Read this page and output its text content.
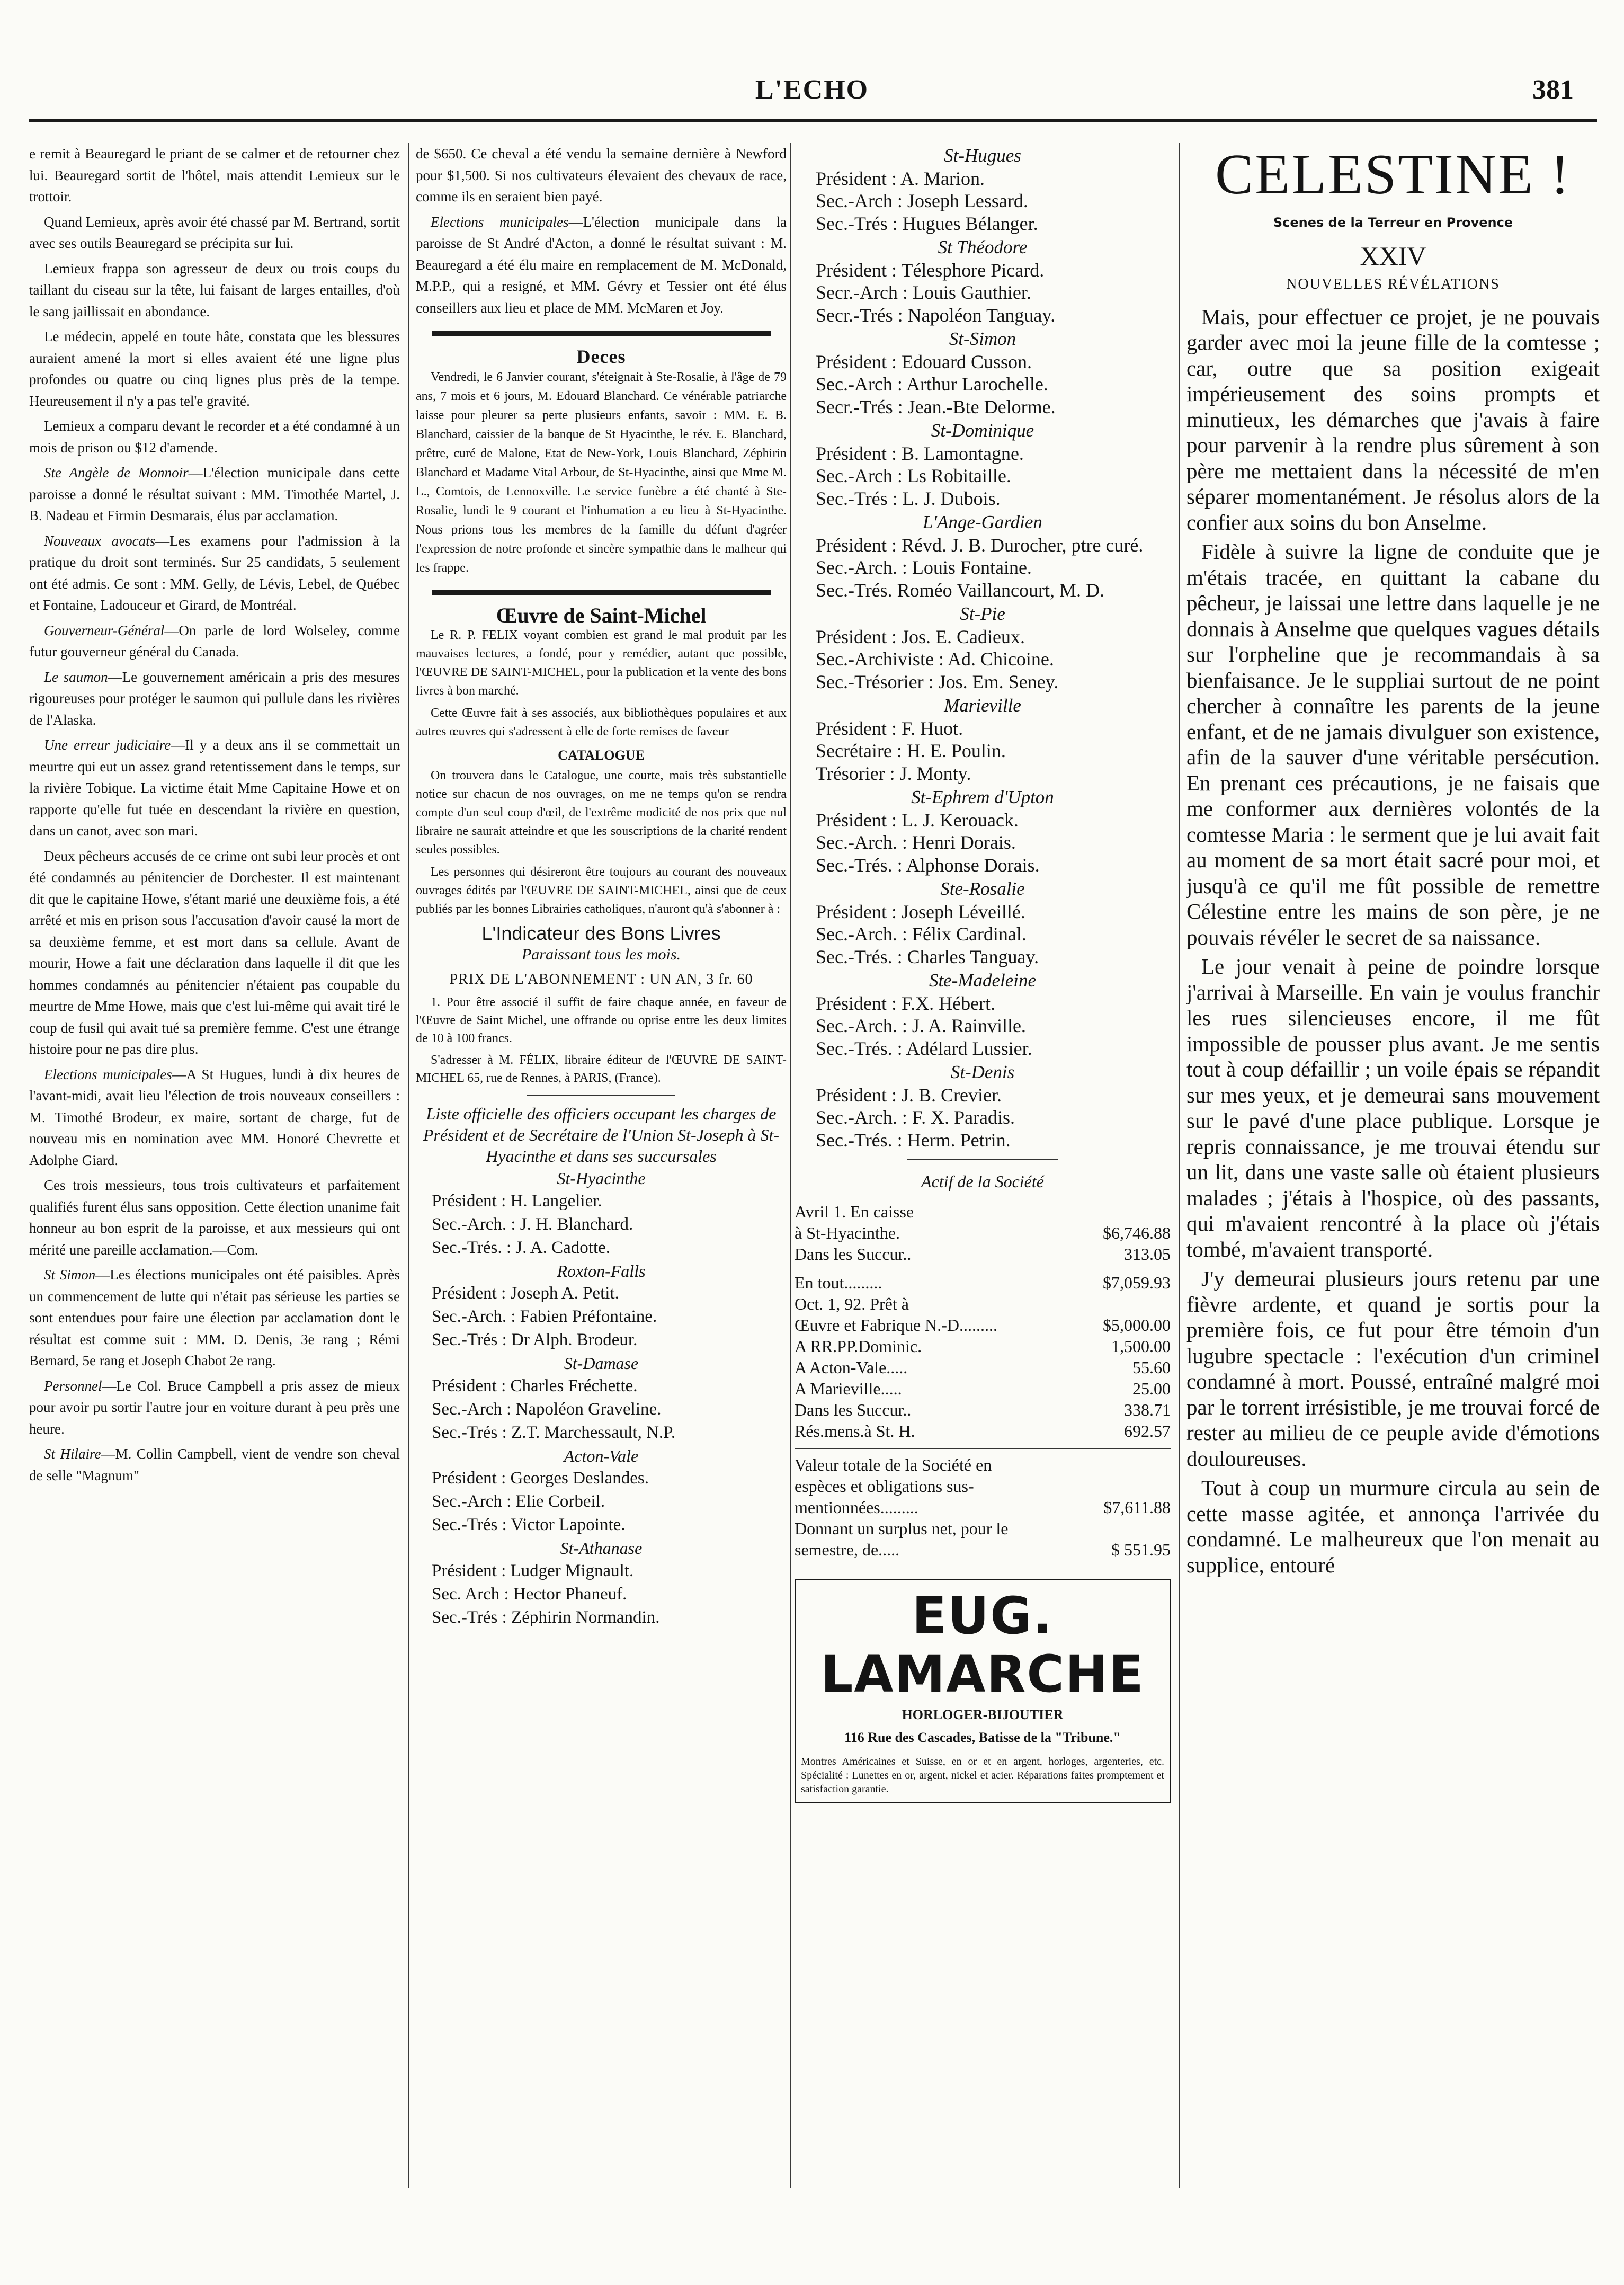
L'ECHO	381

e remit à Beauregard le priant de se calmer et de retourner chez lui. Beauregard sortit de l'hôtel, mais attendit Lemieux sur le trottoir.

Quand Lemieux, après avoir été chassé par M. Bertrand, sortit avec ses outils Beauregard se précipita sur lui.

Lemieux frappa son agresseur de deux ou trois coups du taillant du ciseau sur la tête, lui faisant de larges entailles, d'où le sang jaillissait en abondance.

Le médecin, appelé en toute hâte, constata que les blessures auraient amené la mort si elles avaient été une ligne plus profondes ou quatre ou cinq lignes plus près de la tempe. Heureusement il n'y a pas tel'e gravité.

Lemieux a comparu devant le recorder et a été condamné à un mois de prison ou $12 d'amende.

Ste Angèle de Monnoir—L'élection municipale dans cette paroisse a donné le résultat suivant : MM. Timothée Martel, J. B. Nadeau et Firmin Desmarais, élus par acclamation.

Nouveaux avocats—Les examens pour l'admission à la pratique du droit sont terminés. Sur 25 candidats, 5 seulement ont été admis. Ce sont : MM. Gelly, de Lévis, Lebel, de Québec et Fontaine, Ladouceur et Girard, de Montréal.

Gouverneur-Général—On parle de lord Wolseley, comme futur gouverneur général du Canada.

Le saumon—Le gouvernement américain a pris des mesures rigoureuses pour protéger le saumon qui pullule dans les rivières de l'Alaska.

Une erreur judiciaire—Il y a deux ans il se commettait un meurtre qui eut un assez grand retentissement dans le temps, sur la rivière Tobique. La victime était Mme Capitaine Howe et on rapporte qu'elle fut tuée en descendant la rivière en question, dans un canot, avec son mari.

Deux pêcheurs accusés de ce crime ont subi leur procès et ont été condamnés au pénitencier de Dorchester. Il est maintenant dit que le capitaine Howe, s'étant marié une deuxième fois, a été arrêté et mis en prison sous l'accusation d'avoir causé la mort de sa deuxième femme, et est mort dans sa cellule. Avant de mourir, Howe a fait une déclaration dans laquelle il dit que les hommes condamnés au pénitencier n'étaient pas coupable du meurtre de Mme Howe, mais que c'est lui-même qui avait tiré le coup de fusil qui avait tué sa première femme. C'est une étrange histoire pour ne pas dire plus.

Elections municipales—A St Hugues, lundi à dix heures de l'avant-midi, avait lieu l'élection de trois nouveaux conseillers : M. Timothé Brodeur, ex maire, sortant de charge, fut de nouveau mis en nomination avec MM. Honoré Chevrette et Adolphe Giard.

Ces trois messieurs, tous trois cultivateurs et parfaitement qualifiés furent élus sans opposition. Cette élection unanime fait honneur au bon esprit de la paroisse, et aux messieurs qui ont mérité une pareille acclamation.—Com.

St Simon—Les élections municipales ont été paisibles. Après un commencement de lutte qui n'était pas sérieuse les parties se sont entendues pour faire une élection par acclamation dont le résultat est comme suit : MM. D. Denis, 3e rang ; Rémi Bernard, 5e rang et Joseph Chabot 2e rang.

Personnel—Le Col. Bruce Campbell a pris assez de mieux pour avoir pu sortir l'autre jour en voiture durant à peu près une heure.

St Hilaire—M. Collin Campbell, vient de vendre son cheval de selle "Magnum"

de $650. Ce cheval a été vendu la semaine dernière à Newford pour $1,500. Si nos cultivateurs élevaient des chevaux de race, comme ils en seraient bien payé.

Elections municipales—L'élection municipale dans la paroisse de St André d'Acton, a donné le résultat suivant : M. Beauregard a été élu maire en remplacement de M. McDonald, M.P.P., qui a resigné, et MM. Gévry et Tessier ont été élus conseillers aux lieu et place de MM. McMaren et Joy.

Deces

Vendredi, le 6 Janvier courant, s'éteignait à Ste-Rosalie, à l'âge de 79 ans, 7 mois et 6 jours, M. Edouard Blanchard. Ce vénérable patriarche laisse pour pleurer sa perte plusieurs enfants, savoir : MM. E. B. Blanchard, caissier de la banque de St Hyacinthe, le rév. E. Blanchard, prêtre, curé de Malone, Etat de New-York, Louis Blanchard, Zéphirin Blanchard et Madame Vital Arbour, de St-Hyacinthe, ainsi que Mme M. L., Comtois, de Lennoxville. Le service funèbre a été chanté à Ste-Rosalie, lundi le 9 courant et l'inhumation a eu lieu à St-Hyacinthe. Nous prions tous les membres de la famille du défunt d'agréer l'expression de notre profonde et sincère sympathie dans le malheur qui les frappe.

Œuvre de Saint-Michel

Le R. P. FELIX voyant combien est grand le mal produit par les mauvaises lectures, a fondé, pour y remédier, autant que possible, l'ŒUVRE DE SAINT-MICHEL, pour la publication et la vente des bons livres à bon marché.

Cette Œuvre fait à ses associés, aux bibliothèques populaires et aux autres œuvres qui s'adressent à elle de forte remises de faveur

CATALOGUE

On trouvera dans le Catalogue, une courte, mais très substantielle notice sur chacun de nos ouvrages, on me ne temps qu'on se rendra compte d'un seul coup d'œil, de l'extrême modicité de nos prix que nul libraire ne saurait atteindre et que les souscriptions de la charité rendent seules possibles.

Les personnes qui désireront être toujours au courant des nouveaux ouvrages édités par l'ŒUVRE DE SAINT-MICHEL, ainsi que de ceux publiés par les bonnes Librairies catholiques, n'auront qu'à s'abonner à :

L'Indicateur des Bons Livres
Paraissant tous les mois.
PRIX DE L'ABONNEMENT : UN AN, 3 fr. 60

1. Pour être associé il suffit de faire chaque année, en faveur de l'Œuvre de Saint Michel, une offrande ou oprise entre les deux limites de 10 à 100 francs.

S'adresser à M. FÉLIX, libraire éditeur de l'ŒUVRE DE SAINT-MICHEL 65, rue de Rennes, à PARIS, (France).

Liste officielle des officiers occupant les charges de Président et de Secrétaire de l'Union St-Joseph à St-Hyacinthe et dans ses succursales
St-Hyacinthe

Président : H. Langelier.

Sec.-Arch. : J. H. Blanchard.

Sec.-Trés. : J. A. Cadotte.

Roxton-Falls

Président : Joseph A. Petit.

Sec.-Arch. : Fabien Préfontaine.

Sec.-Trés : Dr Alph. Brodeur.

St-Damase

Président : Charles Fréchette.

Sec.-Arch : Napoléon Graveline.

Sec.-Trés : Z.T. Marchessault, N.P.

Acton-Vale

Président : Georges Deslandes.

Sec.-Arch : Elie Corbeil.

Sec.-Trés : Victor Lapointe.

St-Athanase

Président : Ludger Mignault.

Sec. Arch : Hector Phaneuf.

Sec.-Trés : Zéphirin Normandin.

St-Hugues

Président : A. Marion.

Sec.-Arch : Joseph Lessard.

Sec.-Trés : Hugues Bélanger.

St Théodore

Président : Télesphore Picard.

Secr.-Arch : Louis Gauthier.

Secr.-Trés : Napoléon Tanguay.

St-Simon

Président : Edouard Cusson.

Sec.-Arch : Arthur Larochelle.

Secr.-Trés : Jean.-Bte Delorme.

St-Dominique

Président : B. Lamontagne.

Sec.-Arch : Ls Robitaille.

Sec.-Trés : L. J. Dubois.

L'Ange-Gardien

Président : Révd. J. B. Durocher, ptre curé.

Sec.-Arch. : Louis Fontaine.

Sec.-Trés. Roméo Vaillancourt, M. D.

St-Pie

Président : Jos. E. Cadieux.

Sec.-Archiviste : Ad. Chicoine.

Sec.-Trésorier : Jos. Em. Seney.

Marieville

Président : F. Huot.

Secrétaire : H. E. Poulin.

Trésorier : J. Monty.

St-Ephrem d'Upton

Président : L. J. Kerouack.

Sec.-Arch. : Henri Dorais.

Sec.-Trés. : Alphonse Dorais.

Ste-Rosalie

Président : Joseph Léveillé.

Sec.-Arch. : Félix Cardinal.

Sec.-Trés. : Charles Tanguay.

Ste-Madeleine

Président : F.X. Hébert.

Sec.-Arch. : J. A. Rainville.

Sec.-Trés. : Adélard Lussier.

St-Denis

Président : J. B. Crevier.

Sec.-Arch. : F. X. Paradis.

Sec.-Trés. : Herm. Petrin.

Actif de la Société
Avril 1. En caisse
à St-Hyacinthe.	$6,746.88
Dans les Succur..	313.05
En tout.........	$7,059.93
Oct. 1, 92. Prêt à
Œuvre et Fabrique N.-D.........	$5,000.00
A RR.PP.Dominic.	1,500.00
A Acton-Vale.....	55.60
A Marieville.....	25.00
Dans les Succur..	338.71
Rés.mens.à St. H.	692.57
Valeur totale de la Société en espèces et obligations sus-mentionnées.........	$7,611.88
Donnant un surplus net, pour le semestre, de.....	$ 551.95
EUG. LAMARCHE
HORLOGER-BIJOUTIER
116 Rue des Cascades, Batisse de la "Tribune."
Montres Américaines et Suisse, en or et en argent, horloges, argenteries, etc. Spécialité : Lunettes en or, argent, nickel et acier. Réparations faites promptement et satisfaction garantie.
CELESTINE !
Scenes de la Terreur en Provence
XXIV
NOUVELLES RÉVÉLATIONS

Mais, pour effectuer ce projet, je ne pouvais garder avec moi la jeune fille de la comtesse ; car, outre que sa position exigeait impérieusement des soins prompts et minutieux, les démarches que j'avais à faire pour parvenir à la rendre plus sûrement à son père me mettaient dans la nécessité de m'en séparer momentanément. Je résolus alors de la confier aux soins du bon Anselme.

Fidèle à suivre la ligne de conduite que je m'étais tracée, en quittant la cabane du pêcheur, je laissai une lettre dans laquelle je ne donnais à Anselme que quelques vagues détails sur l'orpheline que je recommandais à sa bienfaisance. Je le suppliai surtout de ne point chercher à connaître les parents de la jeune enfant, et de ne jamais divulguer son existence, afin de la sauver d'une véritable persécution. En prenant ces précautions, je ne faisais que me conformer aux dernières volontés de la comtesse Maria : le serment que je lui avait fait au moment de sa mort était sacré pour moi, et jusqu'à ce qu'il me fût possible de remettre Célestine entre les mains de son père, je ne pouvais révéler le secret de sa naissance.

Le jour venait à peine de poindre lorsque j'arrivai à Marseille. En vain je voulus franchir les rues silencieuses encore, il me fût impossible de pousser plus avant. Je me sentis tout à coup défaillir ; un voile épais se répandit sur mes yeux, et je demeurai sans mouvement sur le pavé d'une place publique. Lorsque je repris connaissance, je me trouvai étendu sur un lit, dans une vaste salle où étaient plusieurs malades ; j'étais à l'hospice, où des passants, qui m'avaient rencontré à la place où j'étais tombé, m'avaient transporté.

J'y demeurai plusieurs jours retenu par une fièvre ardente, et quand je sortis pour la première fois, ce fut pour être témoin d'un lugubre spectacle : l'exécution d'un criminel condamné à mort. Poussé, entraîné malgré moi par le torrent irrésistible, je me trouvai forcé de rester au milieu de ce peuple avide d'émotions douloureuses.

Tout à coup un murmure circula au sein de cette masse agitée, et annonça l'arrivée du condamné. Le malheureux que l'on menait au supplice, entouré
